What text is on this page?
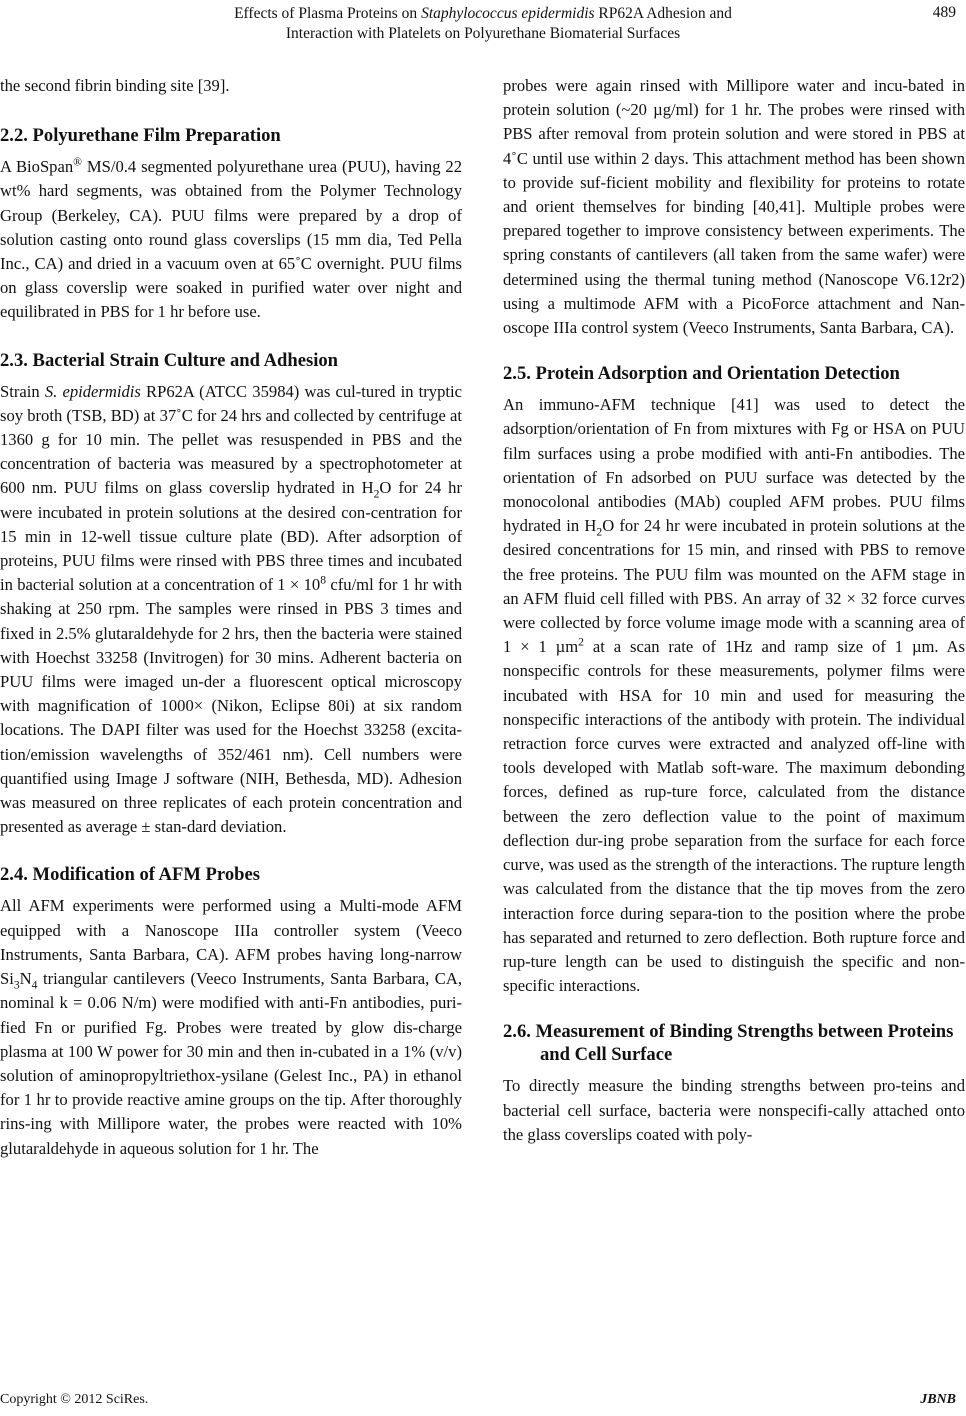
Effects of Plasma Proteins on Staphylococcus epidermidis RP62A Adhesion and
Interaction with Platelets on Polyurethane Biomaterial Surfaces
489

the second fibrin binding site [39].

2.2. Polyurethane Film Preparation

A BioSpan® MS/0.4 segmented polyurethane urea (PUU), having 22 wt% hard segments, was obtained from the Polymer Technology Group (Berkeley, CA). PUU films were prepared by a drop of solution casting onto round glass coverslips (15 mm dia, Ted Pella Inc., CA) and dried in a vacuum oven at 65˚C overnight. PUU films on glass coverslip were soaked in purified water over night and equilibrated in PBS for 1 hr before use.

2.3. Bacterial Strain Culture and Adhesion

Strain S. epidermidis RP62A (ATCC 35984) was cul-tured in tryptic soy broth (TSB, BD) at 37˚C for 24 hrs and collected by centrifuge at 1360 g for 10 min. The pellet was resuspended in PBS and the concentration of bacteria was measured by a spectrophotometer at 600 nm. PUU films on glass coverslip hydrated in $H_2O$ for 24 hr were incubated in protein solutions at the desired con-centration for 15 min in 12-well tissue culture plate (BD). After adsorption of proteins, PUU films were rinsed with PBS three times and incubated in bacterial solution at a concentration of $1 \times 10^8$ cfu/ml for 1 hr with shaking at 250 rpm. The samples were rinsed in PBS 3 times and fixed in 2.5% glutaraldehyde for 2 hrs, then the bacteria were stained with Hoechst 33258 (Invitrogen) for 30 mins. Adherent bacteria on PUU films were imaged un-der a fluorescent optical microscopy with magnification of 1000× (Nikon, Eclipse 80i) at six random locations. The DAPI filter was used for the Hoechst 33258 (excita-tion/emission wavelengths of 352/461 nm). Cell numbers were quantified using Image J software (NIH, Bethesda, MD). Adhesion was measured on three replicates of each protein concentration and presented as average ± stan-dard deviation.

2.4. Modification of AFM Probes

All AFM experiments were performed using a Multi-mode AFM equipped with a Nanoscope IIIa controller system (Veeco Instruments, Santa Barbara, CA). AFM probes having long-narrow $Si_3N_4$ triangular cantilevers (Veeco Instruments, Santa Barbara, CA, nominal k = 0.06 N/m) were modified with anti-Fn antibodies, puri-fied Fn or purified Fg. Probes were treated by glow dis-charge plasma at 100 W power for 30 min and then in-cubated in a 1% (v/v) solution of aminopropyltriethox-ysilane (Gelest Inc., PA) in ethanol for 1 hr to provide reactive amine groups on the tip. After thoroughly rins-ing with Millipore water, the probes were reacted with 10% glutaraldehyde in aqueous solution for 1 hr. The

probes were again rinsed with Millipore water and incu-bated in protein solution (~20 µg/ml) for 1 hr. The probes were rinsed with PBS after removal from protein solution and were stored in PBS at 4˚C until use within 2 days. This attachment method has been shown to provide suf-ficient mobility and flexibility for proteins to rotate and orient themselves for binding [40,41]. Multiple probes were prepared together to improve consistency between experiments. The spring constants of cantilevers (all taken from the same wafer) were determined using the thermal tuning method (Nanoscope V6.12r2) using a multimode AFM with a PicoForce attachment and Nan-oscope IIIa control system (Veeco Instruments, Santa Barbara, CA).

2.5. Protein Adsorption and Orientation Detection

An immuno-AFM technique [41] was used to detect the adsorption/orientation of Fn from mixtures with Fg or HSA on PUU film surfaces using a probe modified with anti-Fn antibodies. The orientation of Fn adsorbed on PUU surface was detected by the monocolonal antibodies (MAb) coupled AFM probes. PUU films hydrated in $H_2O$ for 24 hr were incubated in protein solutions at the desired concentrations for 15 min, and rinsed with PBS to remove the free proteins. The PUU film was mounted on the AFM stage in an AFM fluid cell filled with PBS. An array of 32 × 32 force curves were collected by force volume image mode with a scanning area of 1 × 1 µm$^2$ at a scan rate of 1Hz and ramp size of 1 µm. As nonspecific controls for these measurements, polymer films were incubated with HSA for 10 min and used for measuring the nonspecific interactions of the antibody with protein. The individual retraction force curves were extracted and analyzed off-line with tools developed with Matlab soft-ware. The maximum debonding forces, defined as rup-ture force, calculated from the distance between the zero deflection value to the point of maximum deflection dur-ing probe separation from the surface for each force curve, was used as the strength of the interactions. The rupture length was calculated from the distance that the tip moves from the zero interaction force during separa-tion to the position where the probe has separated and returned to zero deflection. Both rupture force and rup-ture length can be used to distinguish the specific and non-specific interactions.

2.6. Measurement of Binding Strengths between Proteins and Cell Surface

To directly measure the binding strengths between pro-teins and bacterial cell surface, bacteria were nonspecifi-cally attached onto the glass coverslips coated with poly-

Copyright © 2012 SciRes.	JBNB
